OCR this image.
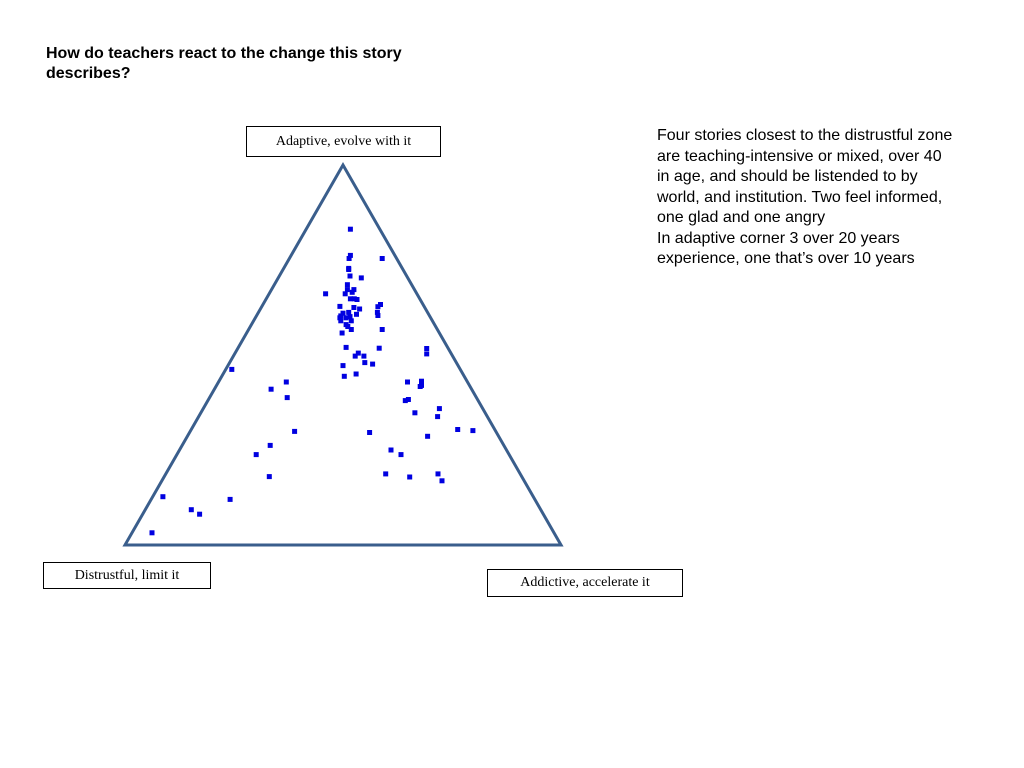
How do teachers react to the change this story describes?

Four stories closest to the distrustful zone are teaching-intensive or mixed, over 40 in age, and should be listended to by world, and institution. Two feel informed, one glad and one angry

In adaptive corner 3 over 20 years experience, one that’s over 10 years

Adaptive, evolve with it
Distrustful, limit it	Addictive, accelerate it
